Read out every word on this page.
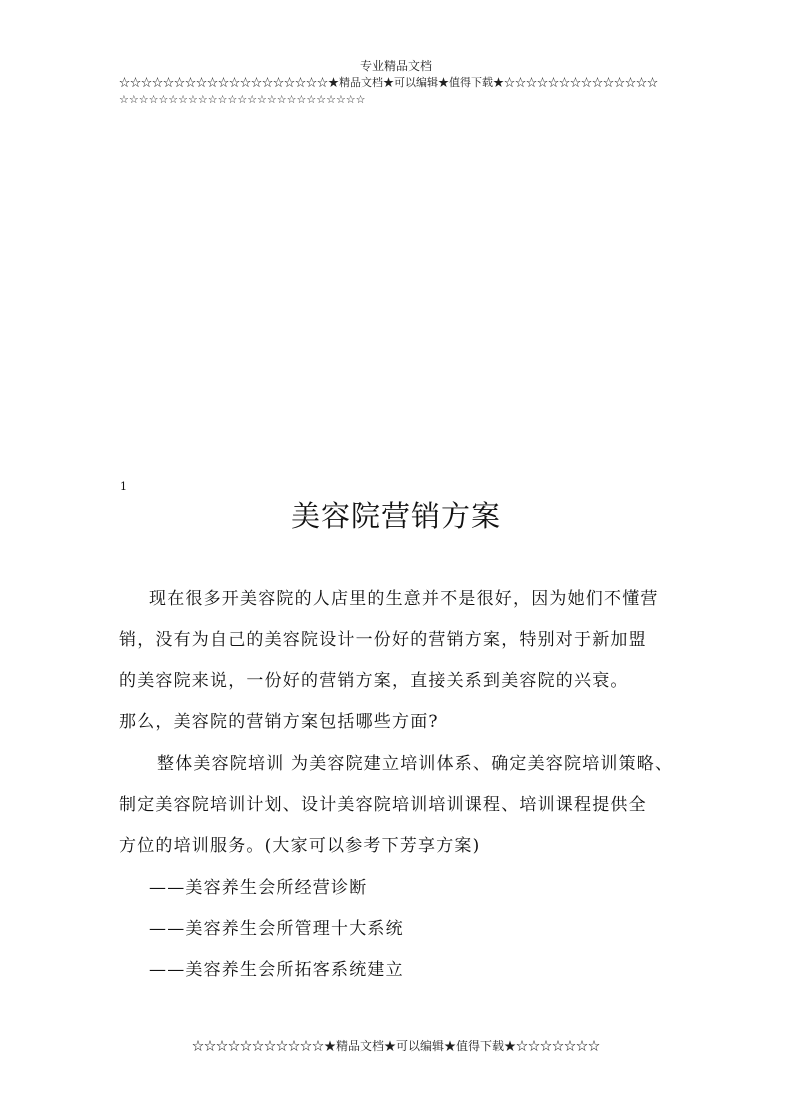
专业精品文档
☆☆☆☆☆☆☆☆☆☆☆☆☆☆☆☆☆☆☆★精品文档★可以编辑★值得下载★☆☆☆☆☆☆☆☆☆☆☆☆☆☆
☆☆☆☆☆☆☆☆☆☆☆☆☆☆☆☆☆☆☆☆☆☆☆☆☆
1
美容院营销方案
现在很多开美容院的人店里的生意并不是很好，因为她们不懂营
销，没有为自己的美容院设计一份好的营销方案，特别对于新加盟
的美容院来说，一份好的营销方案，直接关系到美容院的兴衰。
那么，美容院的营销方案包括哪些方面?
整体美容院培训 为美容院建立培训体系、确定美容院培训策略、
制定美容院培训计划、设计美容院培训培训课程、培训课程提供全
方位的培训服务。(大家可以参考下芳享方案)
——美容养生会所经营诊断
——美容养生会所管理十大系统
——美容养生会所拓客系统建立
☆☆☆☆☆☆☆☆☆☆☆★精品文档★可以编辑★值得下载★☆☆☆☆☆☆☆
